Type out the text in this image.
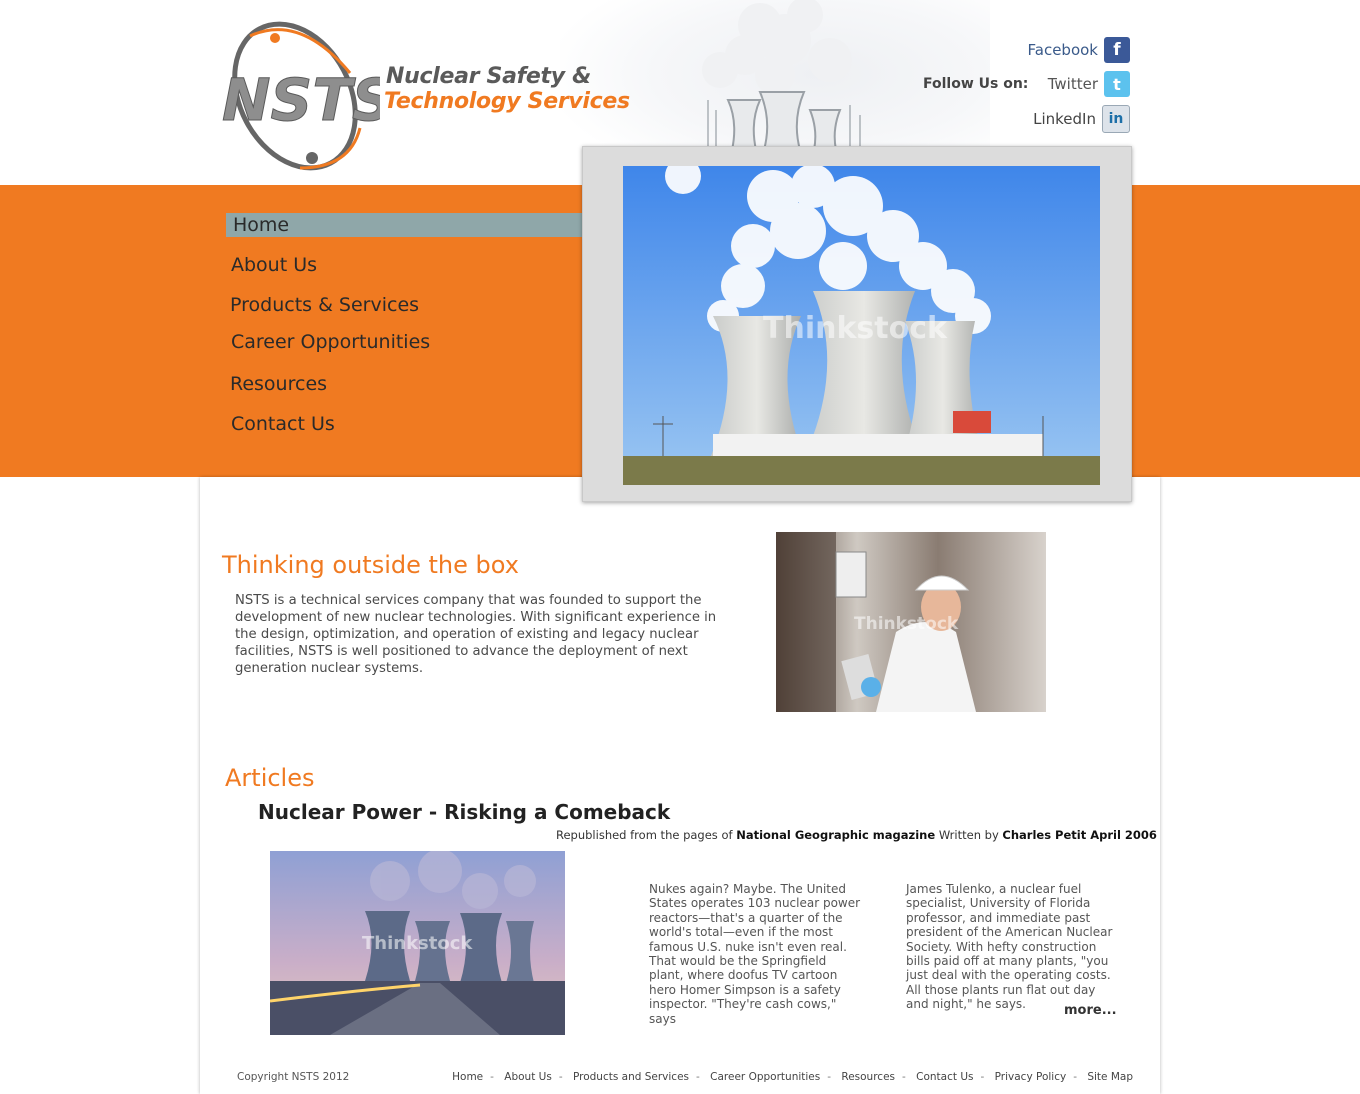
NSTS
Nuclear Safety &
Technology Services
Follow Us on:
Facebook f
Twitter t
LinkedIn in
Home
About Us
Products & Services
Career Opportunities
Resources
Contact Us
Thinkstock
Thinking outside the box
NSTS is a technical services company that was founded to support the development of new nuclear technologies. With significant experience in the design, optimization, and operation of existing and legacy nuclear facilities, NSTS is well positioned to advance the deployment of next generation nuclear systems.
Thinkstock
Articles
Nuclear Power - Risking a Comeback
Republished from the pages of National Geographic magazine Written by Charles Petit April 2006
Thinkstock
Nukes again? Maybe. The United States operates 103 nuclear power reactors—that's a quarter of the world's total—even if the most famous U.S. nuke isn't even real. That would be the Springfield plant, where doofus TV cartoon hero Homer Simpson is a safety inspector. "They're cash cows," says
James Tulenko, a nuclear fuel specialist, University of Florida professor, and immediate past president of the American Nuclear Society. With hefty construction bills paid off at many plants, "you just deal with the operating costs. All those plants run flat out day and night," he says.	more...
Copyright NSTS 2012	Home - About Us - Products and Services - Career Opportunities - Resources - Contact Us - Privacy Policy - Site Map
